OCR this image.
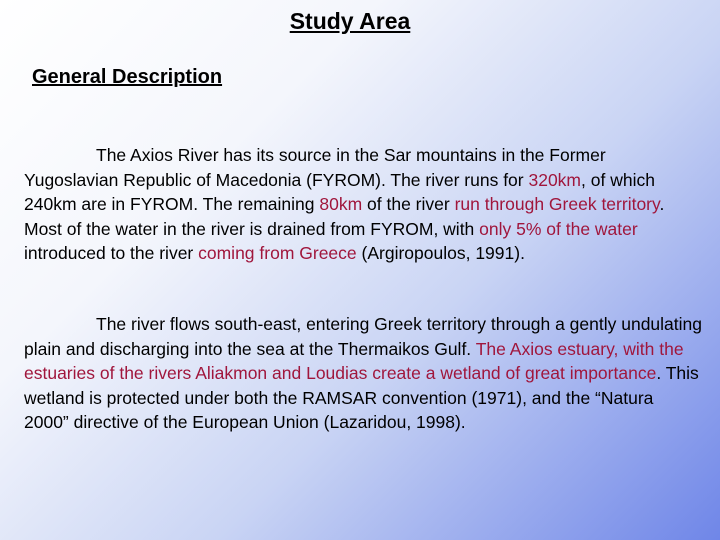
Study Area
General Description

The Axios River has its source in the Sar mountains in the Former Yugoslavian Republic of Macedonia (FYROM). The river runs for 320km, of which 240km are in FYROM. The remaining 80km of the river run through Greek territory. Most of the water in the river is drained from FYROM, with only 5% of the water introduced to the river coming from Greece (Argiropoulos, 1991).

The river flows south-east, entering Greek territory through a gently undulating plain and discharging into the sea at the Thermaikos Gulf. The Axios estuary, with the estuaries of the rivers Aliakmon and Loudias create a wetland of great importance. This wetland is protected under both the RAMSAR convention (1971), and the “Natura 2000” directive of the European Union (Lazaridou, 1998).
